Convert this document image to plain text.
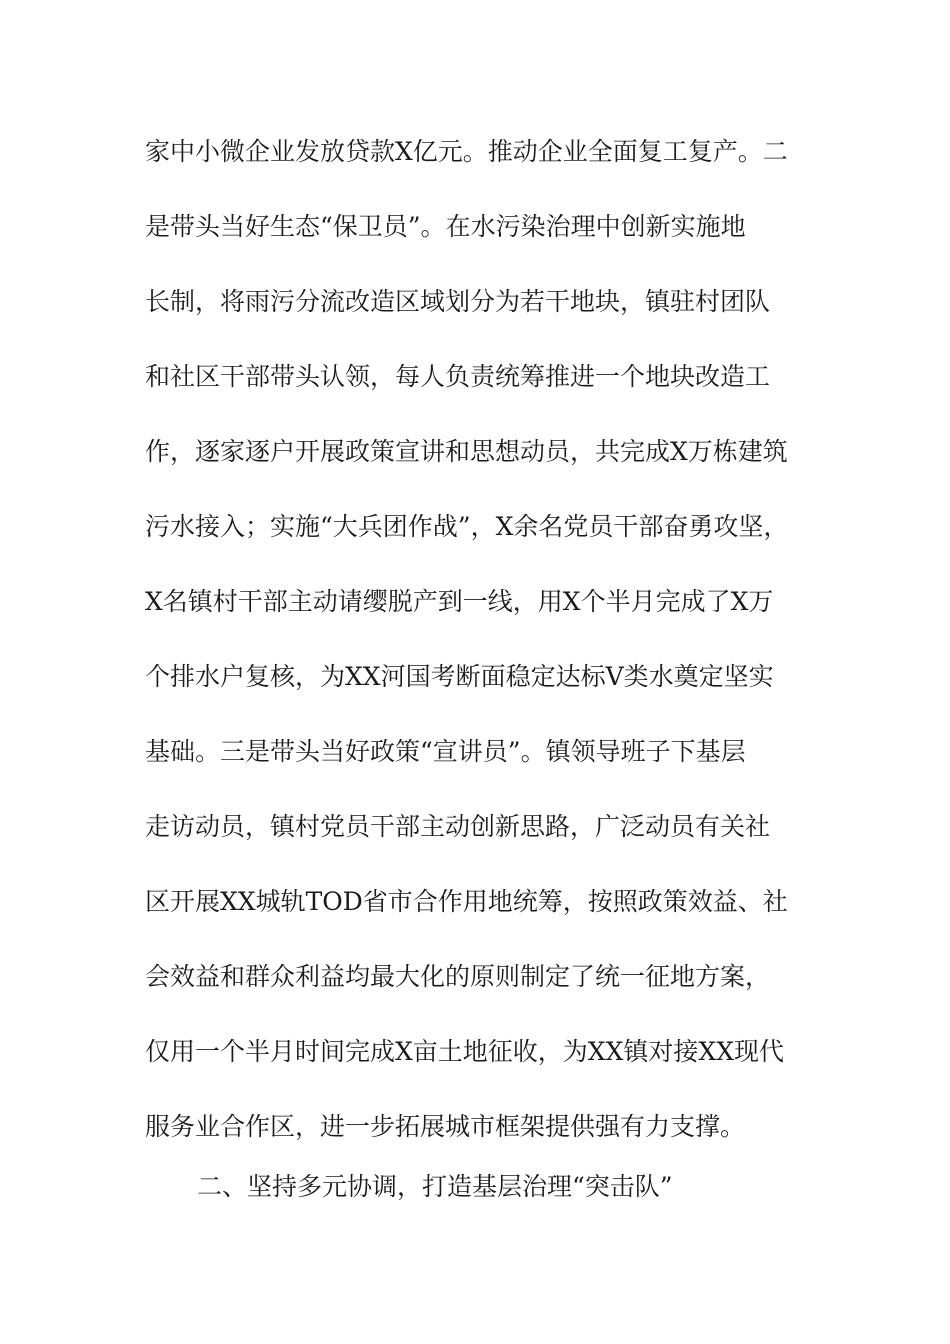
家中小微企业发放贷款X亿元。推动企业全面复工复产。二
是带头当好生态“保卫员”。在水污染治理中创新实施地
长制，将雨污分流改造区域划分为若干地块，镇驻村团队
和社区干部带头认领，每人负责统筹推进一个地块改造工
作，逐家逐户开展政策宣讲和思想动员，共完成X万栋建筑
污水接入；实施“大兵团作战”，X余名党员干部奋勇攻坚，
X名镇村干部主动请缨脱产到一线，用X个半月完成了X万
个排水户复核，为XX河国考断面稳定达标V类水奠定坚实
基础。三是带头当好政策“宣讲员”。镇领导班子下基层
走访动员，镇村党员干部主动创新思路，广泛动员有关社
区开展XX城轨TOD省市合作用地统筹，按照政策效益、社
会效益和群众利益均最大化的原则制定了统一征地方案，
仅用一个半月时间完成X亩土地征收，为XX镇对接XX现代
服务业合作区，进一步拓展城市框架提供强有力支撑。
二、坚持多元协调，打造基层治理“突击队”
